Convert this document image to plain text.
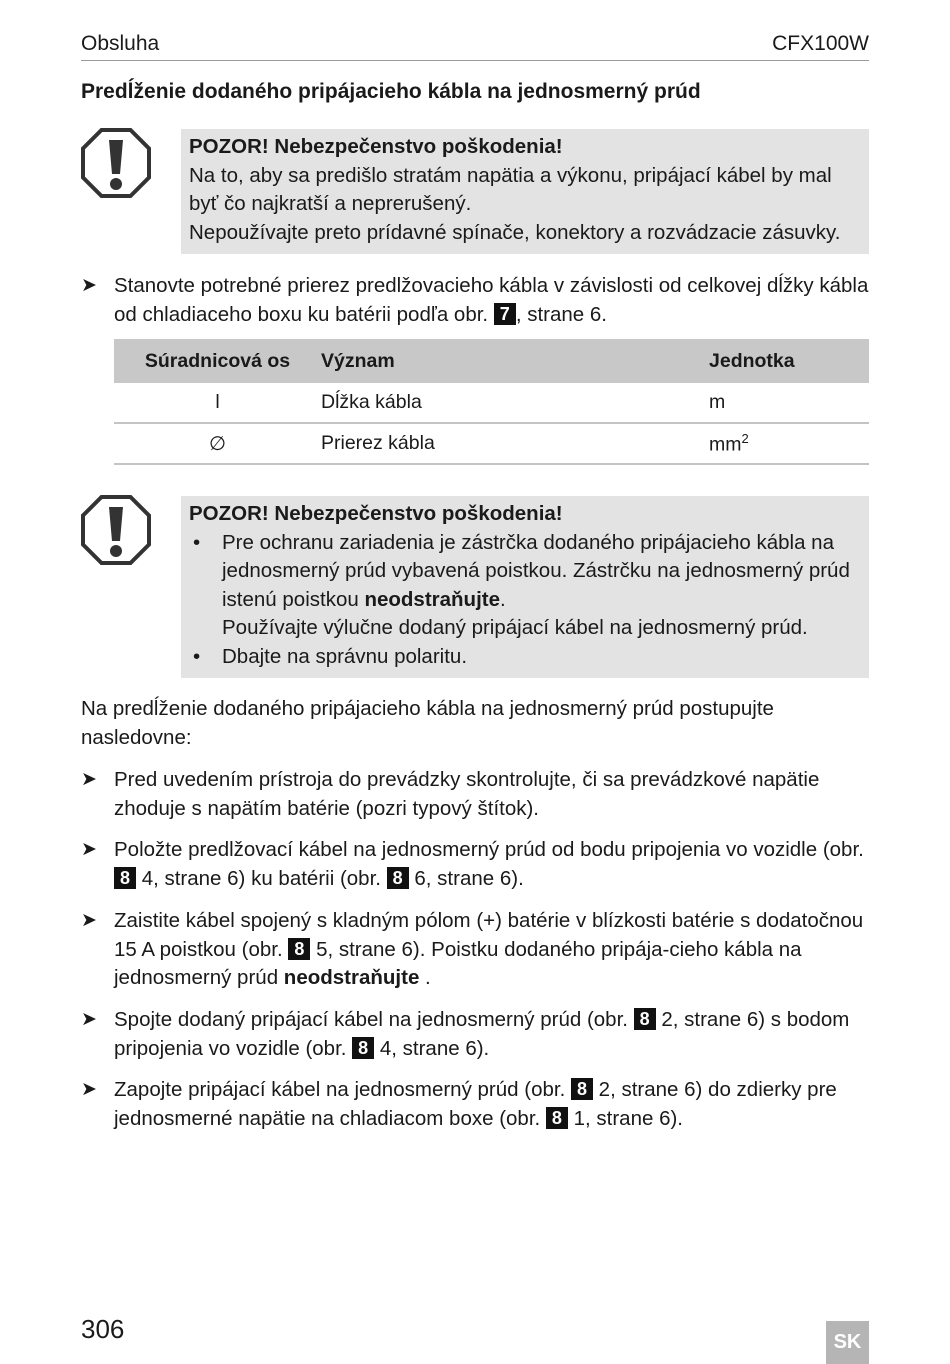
Obsluha	CFX100W
Predĺženie dodaného pripájacieho kábla na jednosmerný prúd
POZOR! Nebezpečenstvo poškodenia!

Na to, aby sa predišlo stratám napätia a výkonu, pripájací kábel by mal byť čo najkratší a neprerušený.

Nepoužívajte preto prídavné spínače, konektory a rozvádzacie zásuvky.

➤ Stanovte potrebné prierez predlžovacieho kábla v závislosti od celkovej dĺžky kábla od chladiaceho boxu ku batérii podľa obr. 7 , strane 6.
Súradnicová os	Význam	Jednotka
l	Dĺžka kábla	m
∅	Prierez kábla	$mm^2$
POZOR! Nebezpečenstvo poškodenia!
• Pre ochranu zariadenia je zástrčka dodaného pripájacieho kábla na jednosmerný prúd vybavená poistkou. Zástrčku na jednosmerný prúd istenú poistkou neodstraňujte.
Používajte výlučne dodaný pripájací kábel na jednosmerný prúd.
• Dbajte na správnu polaritu.
Na predĺženie dodaného pripájacieho kábla na jednosmerný prúd postupujte nasledovne:
➤ Pred uvedením prístroja do prevádzky skontrolujte, či sa prevádzkové napätie zhoduje s napätím batérie (pozri typový štítok).
➤ Položte predlžovací kábel na jednosmerný prúd od bodu pripojenia vo vozidle (obr. 8 4, strane 6) ku batérii (obr. 8 6, strane 6).
➤ Zaistite kábel spojený s kladným pólom (+) batérie v blízkosti batérie s dodatočnou 15 A poistkou (obr. 8 5, strane 6). Poistku dodaného pripája-cieho kábla na jednosmerný prúd neodstraňujte .
➤ Spojte dodaný pripájací kábel na jednosmerný prúd (obr. 8 2, strane 6) s bodom pripojenia vo vozidle (obr. 8 4, strane 6).
➤ Zapojte pripájací kábel na jednosmerný prúd (obr. 8 2, strane 6) do zdierky pre jednosmerné napätie na chladiacom boxe (obr. 8 1, strane 6).
306	SK
